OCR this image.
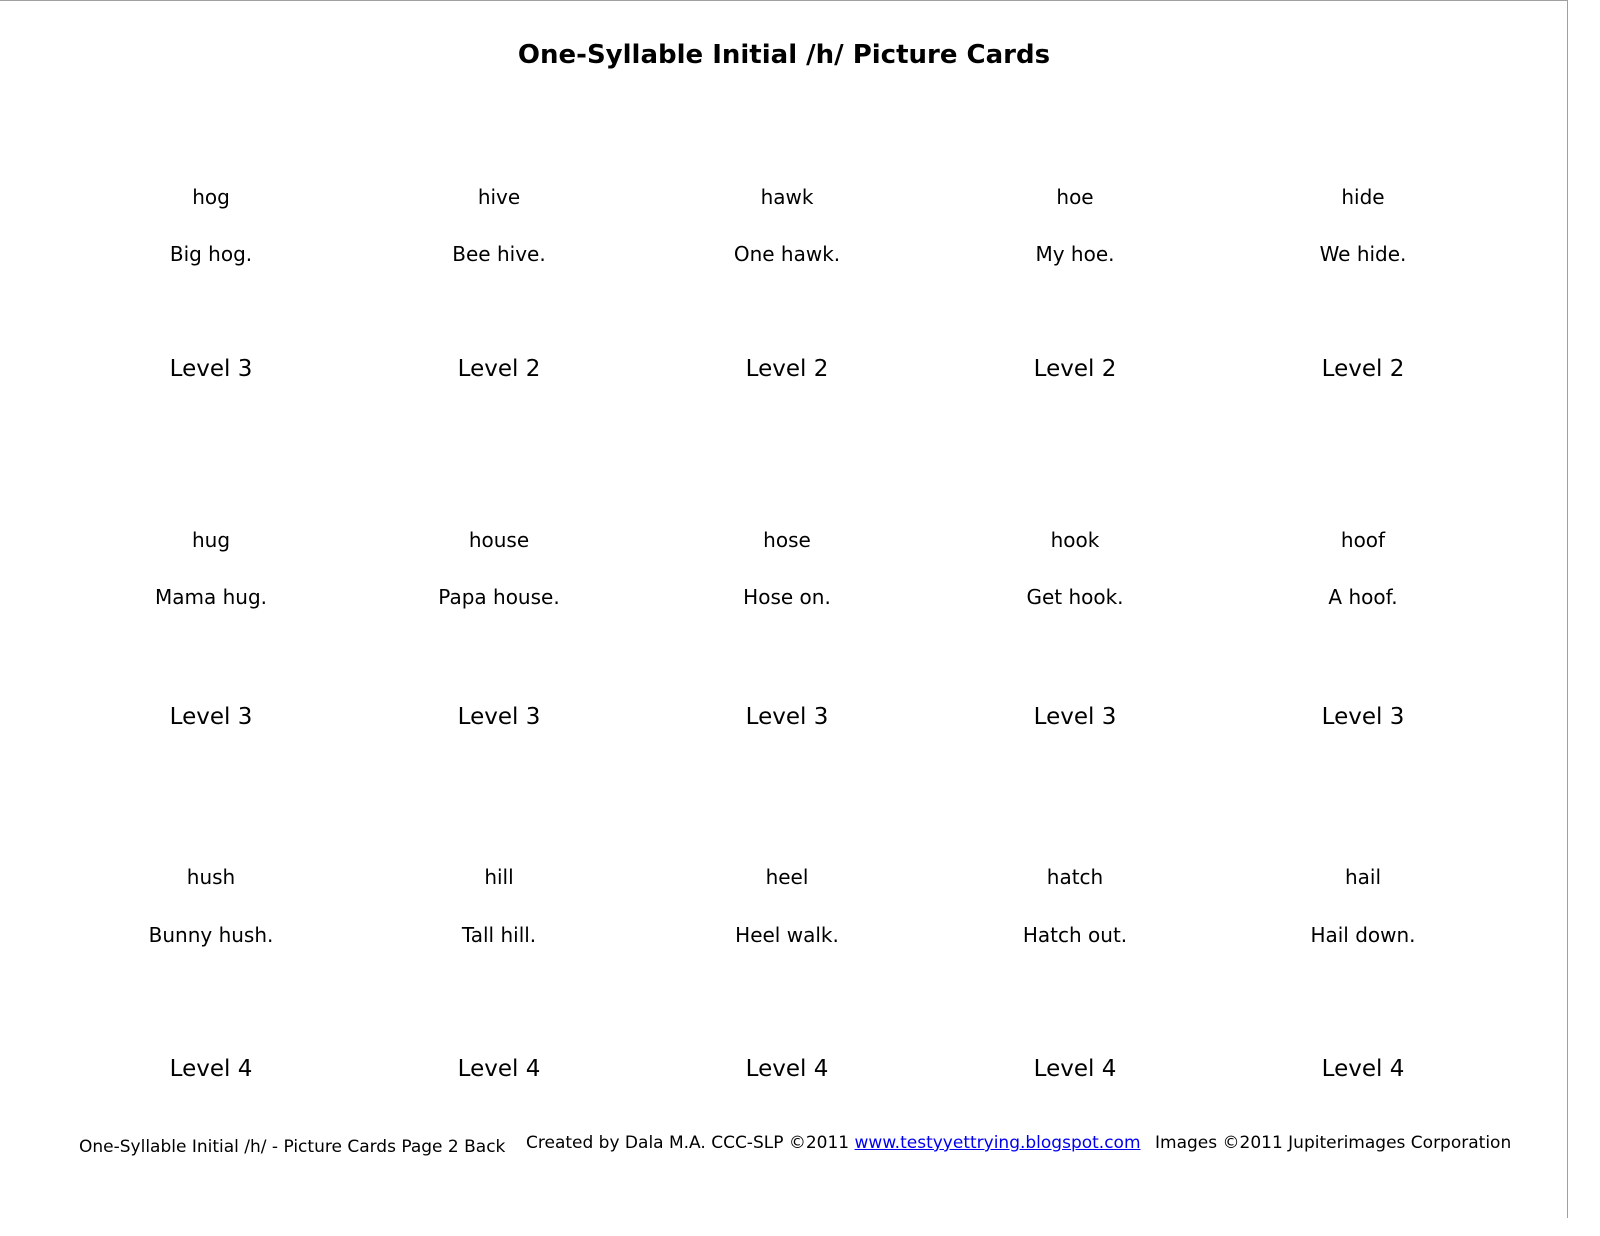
One-Syllable Initial /h/ Picture Cards
hog	hive	hawk	hoe	hide
Big hog.	Bee hive.	One hawk.	My hoe.	We hide.
Level 3	Level 2	Level 2	Level 2	Level 2
hug	house	hose	hook	hoof
Mama hug.	Papa house.	Hose on.	Get hook.	A hoof.
Level 3	Level 3	Level 3	Level 3	Level 3
hush	hill	heel	hatch	hail
Bunny hush.	Tall hill.	Heel walk.	Hatch out.	Hail down.
Level 4	Level 4	Level 4	Level 4	Level 4
One-Syllable Initial /h/ - Picture Cards Page 2 Back Created by Dala M.A. CCC-SLP ©2011 www.testyyettrying.blogspot.com Images ©2011 Jupiterimages Corporation
